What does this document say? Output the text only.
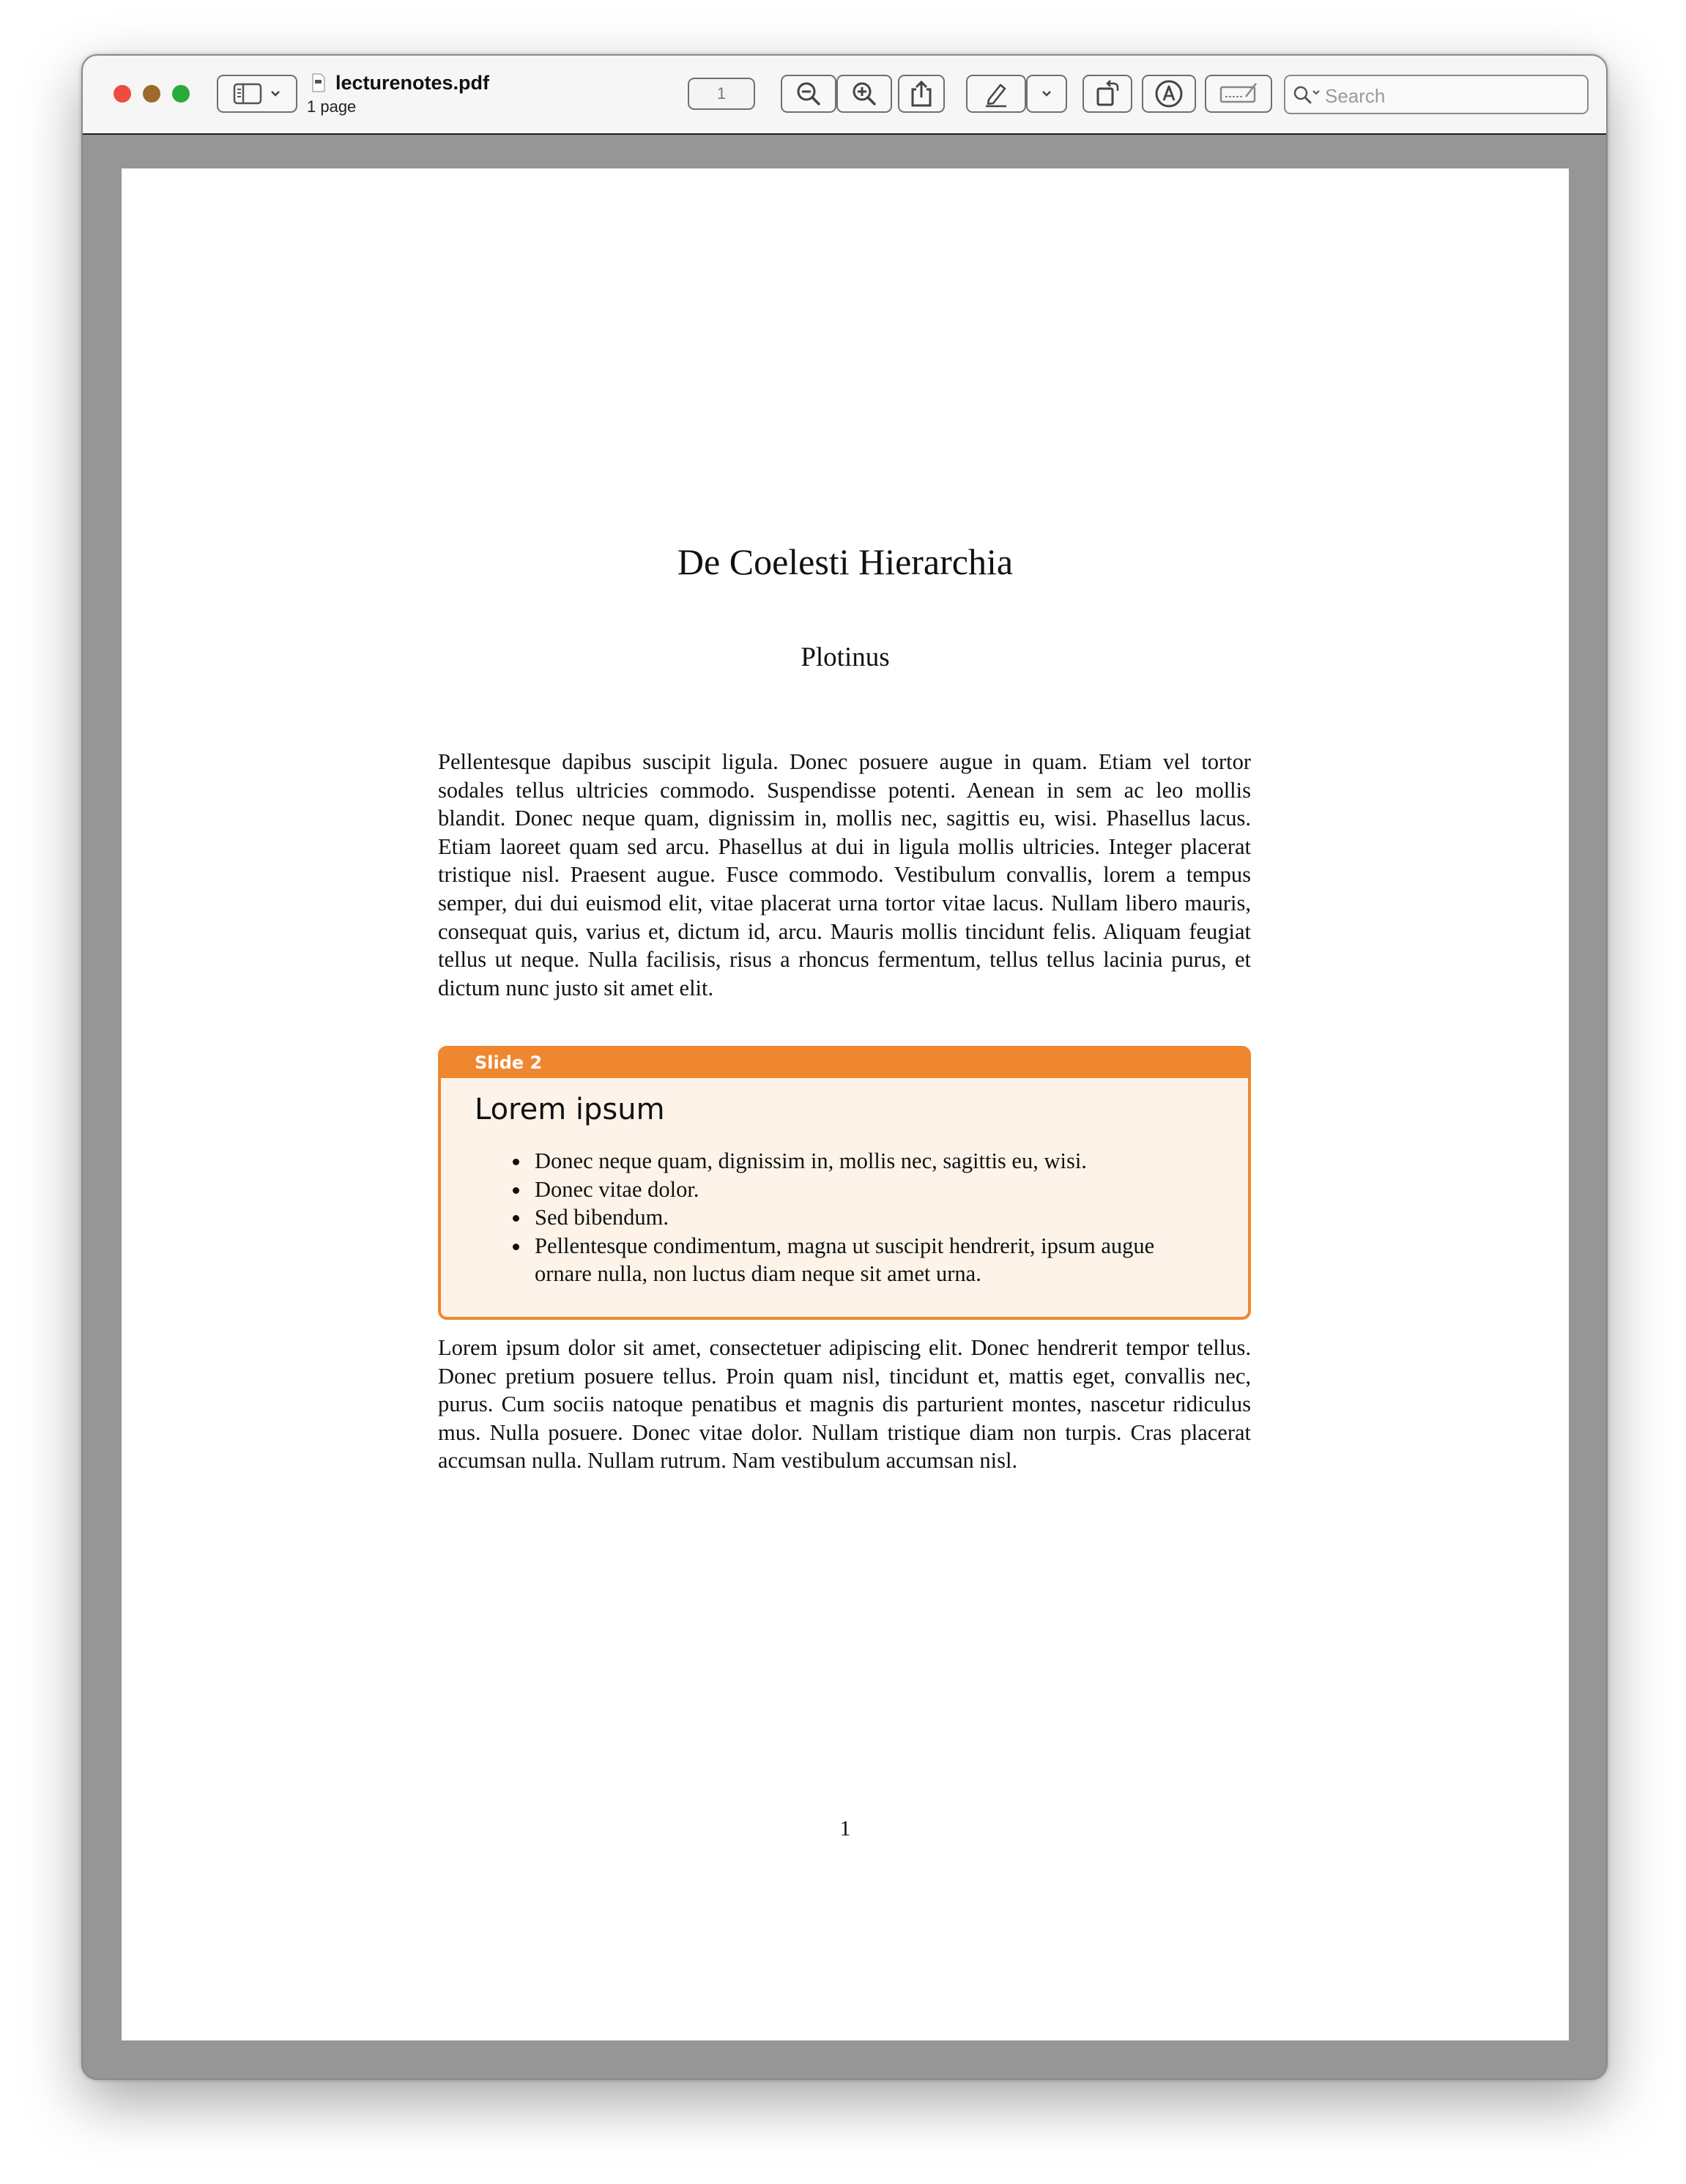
lecturenotes.pdf
1 page
1	Search
De Coelesti Hierarchia
Plotinus
Pellentesque dapibus suscipit ligula. Donec posuere augue in quam. Etiam vel tortor sodales tellus ultricies commodo. Suspendisse potenti. Aenean in sem ac leo mollis blandit. Donec neque quam, dignissim in, mollis nec, sagittis eu, wisi. Phasellus lacus. Etiam laoreet quam sed arcu. Phasellus at dui in ligula mollis ultricies. Integer placerat tristique nisl. Praesent augue. Fusce commodo. Vestibulum convallis, lorem a tempus semper, dui dui euismod elit, vitae placerat urna tortor vitae lacus. Nullam libero mauris, consequat quis, varius et, dictum id, arcu. Mauris mollis tincidunt felis. Aliquam feugiat tellus ut neque. Nulla facilisis, risus a rhoncus fermentum, tellus tellus lacinia purus, et dictum nunc justo sit amet elit.
Slide 2
Lorem ipsum
Donec neque quam, dignissim in, mollis nec, sagittis eu, wisi.
Donec vitae dolor.
Sed bibendum.
Pellentesque condimentum, magna ut suscipit hendrerit, ipsum augue ornare nulla, non luctus diam neque sit amet urna.
Lorem ipsum dolor sit amet, consectetuer adipiscing elit. Donec hendrerit tempor tellus. Donec pretium posuere tellus. Proin quam nisl, tincidunt et, mattis eget, convallis nec, purus. Cum sociis natoque penatibus et magnis dis parturient montes, nascetur ridiculus mus. Nulla posuere. Donec vitae dolor. Nullam tristique diam non turpis. Cras placerat accumsan nulla. Nullam rutrum. Nam vestibulum accumsan nisl.
1
